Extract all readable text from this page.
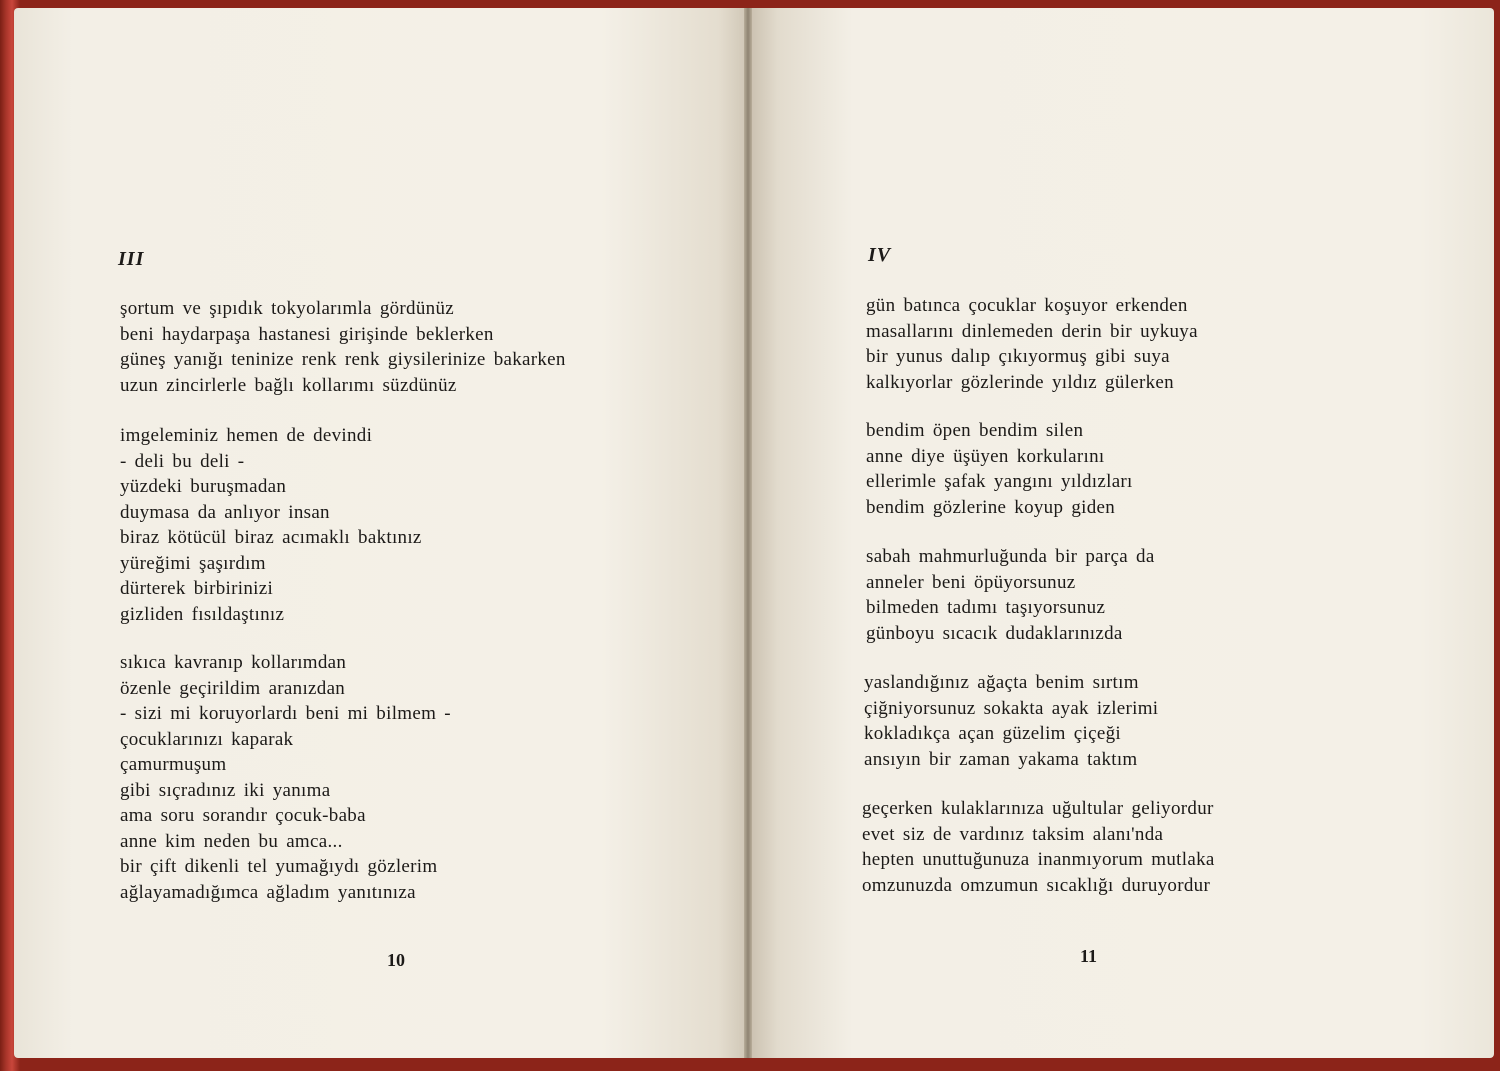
III
şortum ve şıpıdık tokyolarımla gördünüz
beni haydarpaşa hastanesi girişinde beklerken
güneş yanığı teninize renk renk giysilerinize bakarken
uzun zincirlerle bağlı kollarımı süzdünüz
imgeleminiz hemen de devindi
- deli bu deli -
yüzdeki buruşmadan
duymasa da anlıyor insan
biraz kötücül biraz acımaklı baktınız
yüreğimi şaşırdım
dürterek birbirinizi
gizliden fısıldaştınız
sıkıca kavranıp kollarımdan
özenle geçirildim aranızdan
- sizi mi koruyorlardı beni mi bilmem -
çocuklarınızı kaparak
çamurmuşum
gibi sıçradınız iki yanıma
ama soru sorandır çocuk-baba
anne kim neden bu amca...
bir çift dikenli tel yumağıydı gözlerim
ağlayamadığımca ağladım yanıtınıza
10
IV
gün batınca çocuklar koşuyor erkenden
masallarını dinlemeden derin bir uykuya
bir yunus dalıp çıkıyormuş gibi suya
kalkıyorlar gözlerinde yıldız gülerken
bendim öpen bendim silen
anne diye üşüyen korkularını
ellerimle şafak yangını yıldızları
bendim gözlerine koyup giden
sabah mahmurluğunda bir parça da
anneler beni öpüyorsunuz
bilmeden tadımı taşıyorsunuz
günboyu sıcacık dudaklarınızda
yaslandığınız ağaçta benim sırtım
çiğniyorsunuz sokakta ayak izlerimi
kokladıkça açan güzelim çiçeği
ansıyın bir zaman yakama taktım
geçerken kulaklarınıza uğultular geliyordur
evet siz de vardınız taksim alanı'nda
hepten unuttuğunuza inanmıyorum mutlaka
omzunuzda omzumun sıcaklığı duruyordur
11
